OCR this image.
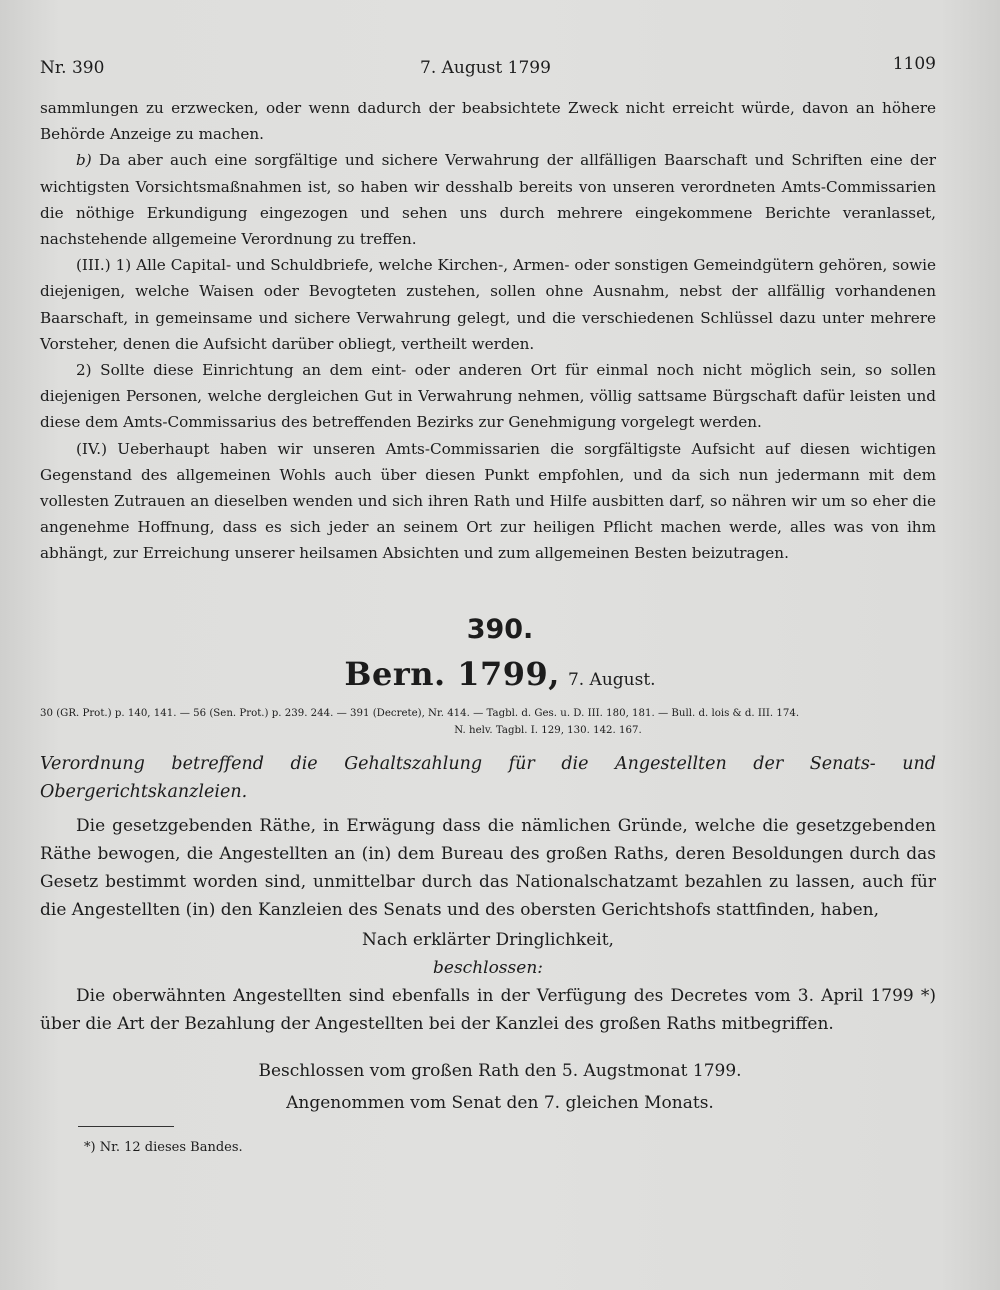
Nr. 390	7. August 1799	1109

sammlungen zu erzwecken, oder wenn dadurch der beabsichtete Zweck nicht erreicht würde, davon an höhere Behörde Anzeige zu machen.

b) Da aber auch eine sorgfältige und sichere Verwahrung der allfälligen Baarschaft und Schriften eine der wichtigsten Vorsichtsmaßnahmen ist, so haben wir desshalb bereits von unseren verordneten Amts-Commissarien die nöthige Erkundigung eingezogen und sehen uns durch mehrere eingekommene Berichte veranlasset, nachstehende allgemeine Verordnung zu treffen.

(III.) 1) Alle Capital- und Schuldbriefe, welche Kirchen-, Armen- oder sonstigen Gemeindgütern gehören, sowie diejenigen, welche Waisen oder Bevogteten zustehen, sollen ohne Ausnahm, nebst der allfällig vorhandenen Baarschaft, in gemeinsame und sichere Verwahrung gelegt, und die verschiedenen Schlüssel dazu unter mehrere Vorsteher, denen die Aufsicht darüber obliegt, vertheilt werden.

2) Sollte diese Einrichtung an dem eint- oder anderen Ort für einmal noch nicht möglich sein, so sollen diejenigen Personen, welche dergleichen Gut in Verwahrung nehmen, völlig sattsame Bürgschaft dafür leisten und diese dem Amts-Commissarius des betreffenden Bezirks zur Genehmigung vorgelegt werden.

(IV.) Ueberhaupt haben wir unseren Amts-Commissarien die sorgfältigste Aufsicht auf diesen wichtigen Gegenstand des allgemeinen Wohls auch über diesen Punkt empfohlen, und da sich nun jedermann mit dem vollesten Zutrauen an dieselben wenden und sich ihren Rath und Hilfe ausbitten darf, so nähren wir um so eher die angenehme Hoffnung, dass es sich jeder an seinem Ort zur heiligen Pflicht machen werde, alles was von ihm abhängt, zur Erreichung unserer heilsamen Absichten und zum allgemeinen Besten beizutragen.

390.
Bern. 1799, 7. August.

30 (GR. Prot.) p. 140, 141. — 56 (Sen. Prot.) p. 239. 244. — 391 (Decrete), Nr. 414. — Tagbl. d. Ges. u. D. III. 180, 181. — Bull. d. lois & d. III. 174.

N. helv. Tagbl. I. 129, 130. 142. 167.

Verordnung betreffend die Gehaltszahlung für die Angestellten der Senats- und Obergerichtskanzleien.

Die gesetzgebenden Räthe, in Erwägung dass die nämlichen Gründe, welche die gesetzgebenden Räthe bewogen, die Angestellten an (in) dem Bureau des großen Raths, deren Besoldungen durch das Gesetz bestimmt worden sind, unmittelbar durch das Nationalschatzamt bezahlen zu lassen, auch für die Angestellten (in) den Kanzleien des Senats und des obersten Gerichtshofs stattfinden, haben,

Nach erklärter Dringlichkeit,
beschlossen:

Die oberwähnten Angestellten sind ebenfalls in der Verfügung des Decretes vom 3. April 1799 *) über die Art der Bezahlung der Angestellten bei der Kanzlei des großen Raths mitbegriffen.

Beschlossen vom großen Rath den 5. Augstmonat 1799.
Angenommen vom Senat den 7. gleichen Monats.
*) Nr. 12 dieses Bandes.
